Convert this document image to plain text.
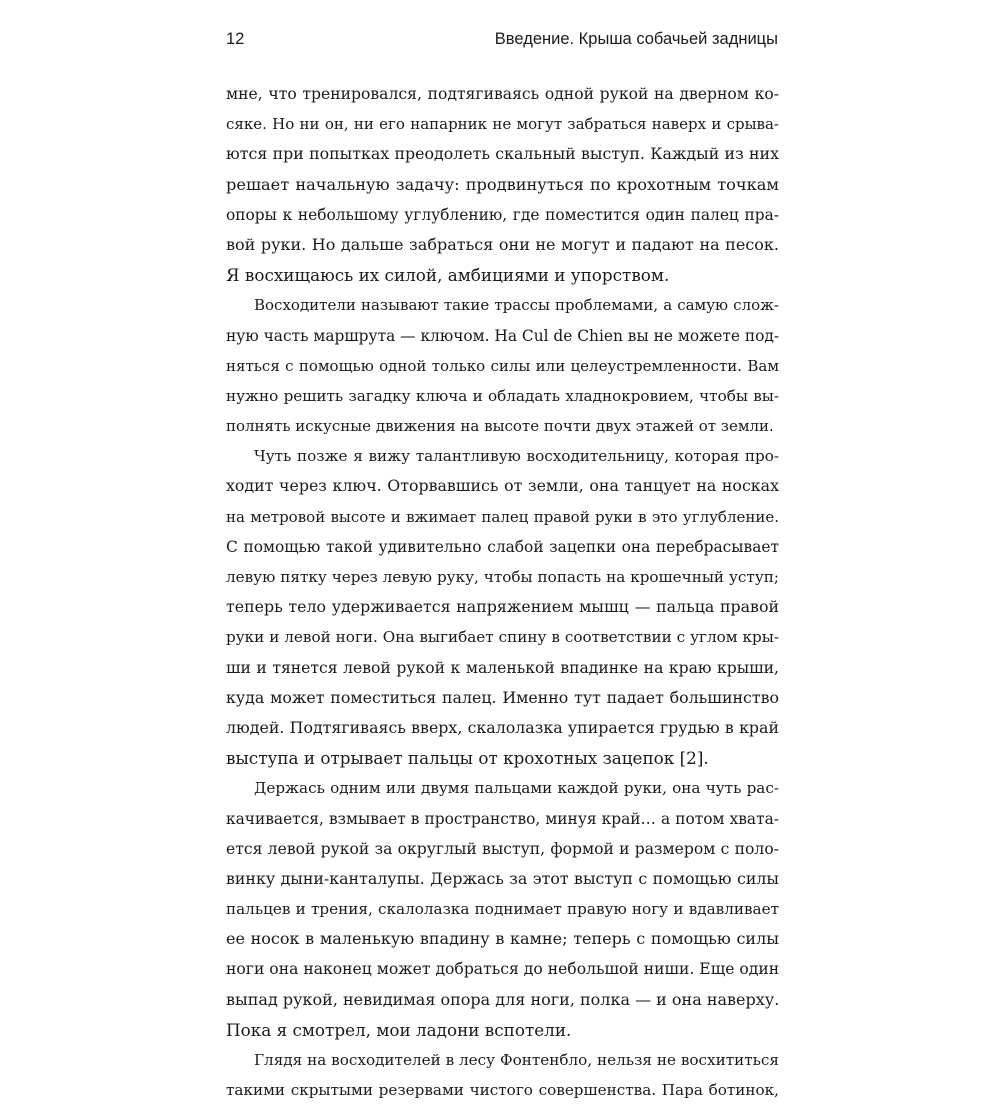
12	Введение. Крыша собачьей задницы
мне, что тренировался, подтягиваясь одной рукой на дверном ко-
сяке. Но ни он, ни его напарник не могут забраться наверх и срыва-
ются при попытках преодолеть скальный выступ. Каждый из них
решает начальную задачу: продвинуться по крохотным точкам
опоры к небольшому углублению, где поместится один палец пра-
вой руки. Но дальше забраться они не могут и падают на песок.
Я восхищаюсь их силой, амбициями и упорством.
Восходители называют такие трассы проблемами, а самую слож-
ную часть маршрута — ключом. На Cul de Chien вы не можете под-
няться с помощью одной только силы или целеустремленности. Вам
нужно решить загадку ключа и обладать хладнокровием, чтобы вы-
полнять искусные движения на высоте почти двух этажей от земли.
Чуть позже я вижу талантливую восходительницу, которая про-
ходит через ключ. Оторвавшись от земли, она танцует на носках
на метровой высоте и вжимает палец правой руки в это углубление.
С помощью такой удивительно слабой зацепки она перебрасывает
левую пятку через левую руку, чтобы попасть на крошечный уступ;
теперь тело удерживается напряжением мышц — пальца правой
руки и левой ноги. Она выгибает спину в соответствии с углом кры-
ши и тянется левой рукой к маленькой впадинке на краю крыши,
куда может поместиться палец. Именно тут падает большинство
людей. Подтягиваясь вверх, скалолазка упирается грудью в край
выступа и отрывает пальцы от крохотных зацепок [2].
Держась одним или двумя пальцами каждой руки, она чуть рас-
качивается, взмывает в пространство, минуя край… а потом хвата-
ется левой рукой за округлый выступ, формой и размером с поло-
винку дыни-канталупы. Держась за этот выступ с помощью силы
пальцев и трения, скалолазка поднимает правую ногу и вдавливает
ее носок в маленькую впадину в камне; теперь с помощью силы
ноги она наконец может добраться до небольшой ниши. Еще один
выпад рукой, невидимая опора для ноги, полка — и она наверху.
Пока я смотрел, мои ладони вспотели.
Глядя на восходителей в лесу Фонтенбло, нельзя не восхититься
такими скрытыми резервами чистого совершенства. Пара ботинок,
